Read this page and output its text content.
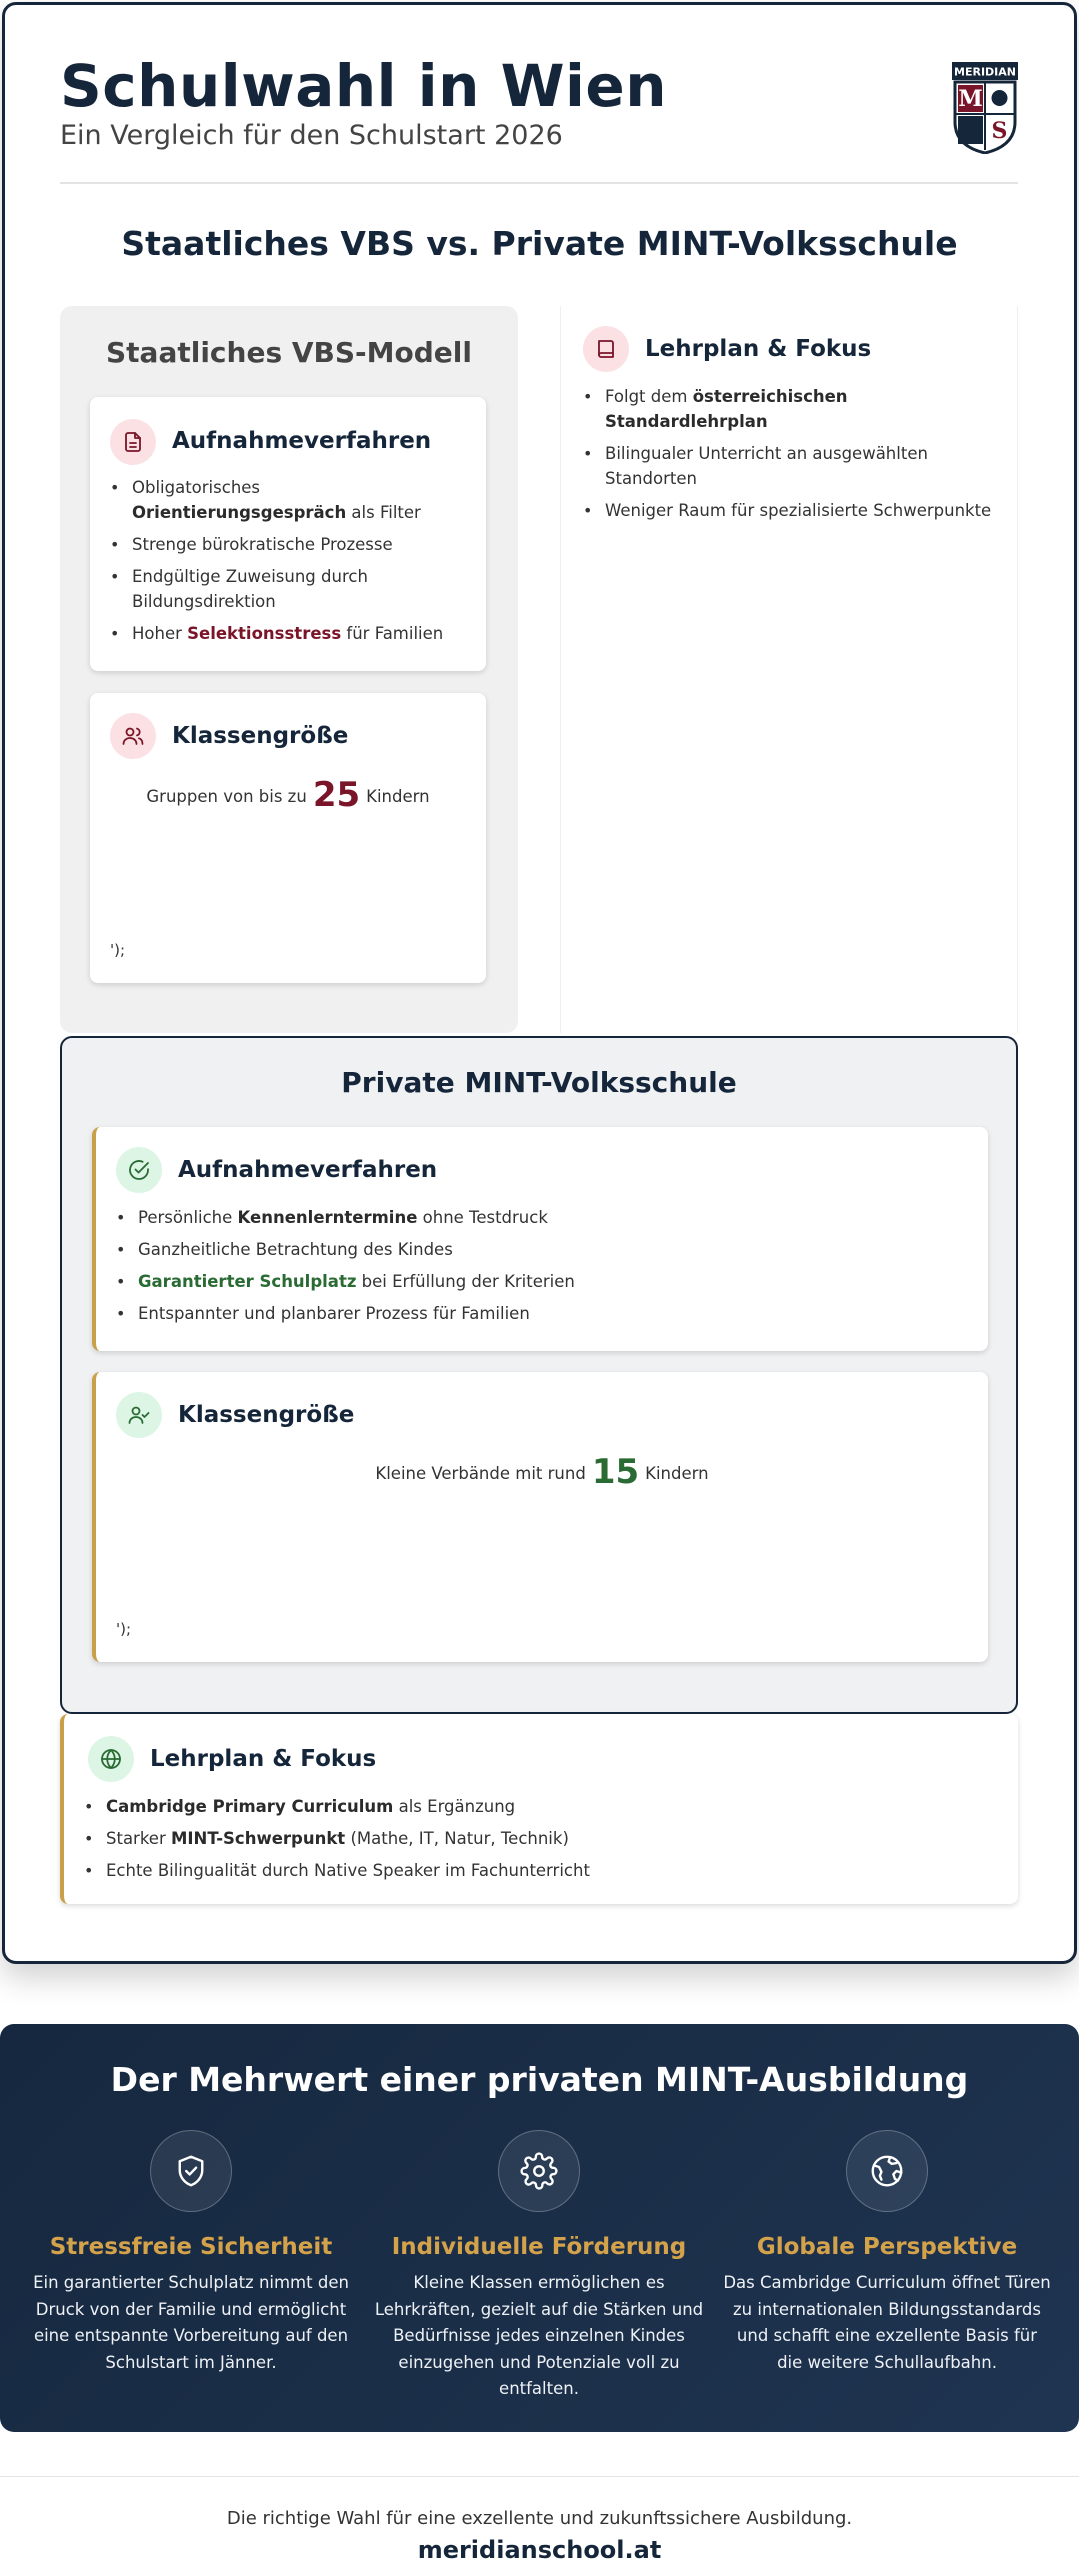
Schulwahl in Wien
Ein Vergleich für den Schulstart 2026
MERIDIAN
M
S
Staatliches VBS vs. Private MINT-Volksschule
Staatliches VBS-Modell
Aufnahmeverfahren
• Obligatorisches Orientierungsgespräch als Filter
• Strenge bürokratische Prozesse
• Endgültige Zuweisung durch Bildungsdirektion
• Hoher Selektionsstress für Familien
Klassengröße
Gruppen von bis zu 25 Kindern
');
Lehrplan & Fokus
• Folgt dem österreichischen Standardlehrplan
• Bilingualer Unterricht an ausgewählten Standorten
• Weniger Raum für spezialisierte Schwerpunkte
Private MINT-Volksschule
Aufnahmeverfahren
• Persönliche Kennenlerntermine ohne Testdruck
• Ganzheitliche Betrachtung des Kindes
• Garantierter Schulplatz bei Erfüllung der Kriterien
• Entspannter und planbarer Prozess für Familien
Klassengröße
Kleine Verbände mit rund 15 Kindern
');
Lehrplan & Fokus
• Cambridge Primary Curriculum als Ergänzung
• Starker MINT-Schwerpunkt (Mathe, IT, Natur, Technik)
• Echte Bilingualität durch Native Speaker im Fachunterricht
Der Mehrwert einer privaten MINT-Ausbildung
Stressfreie Sicherheit
Ein garantierter Schulplatz nimmt den Druck von der Familie und ermöglicht eine entspannte Vorbereitung auf den Schulstart im Jänner.
Individuelle Förderung
Kleine Klassen ermöglichen es Lehrkräften, gezielt auf die Stärken und Bedürfnisse jedes einzelnen Kindes einzugehen und Potenziale voll zu entfalten.
Globale Perspektive
Das Cambridge Curriculum öffnet Türen zu internationalen Bildungsstandards und schafft eine exzellente Basis für die weitere Schullaufbahn.
Die richtige Wahl für eine exzellente und zukunftssichere Ausbildung.
meridianschool.at
